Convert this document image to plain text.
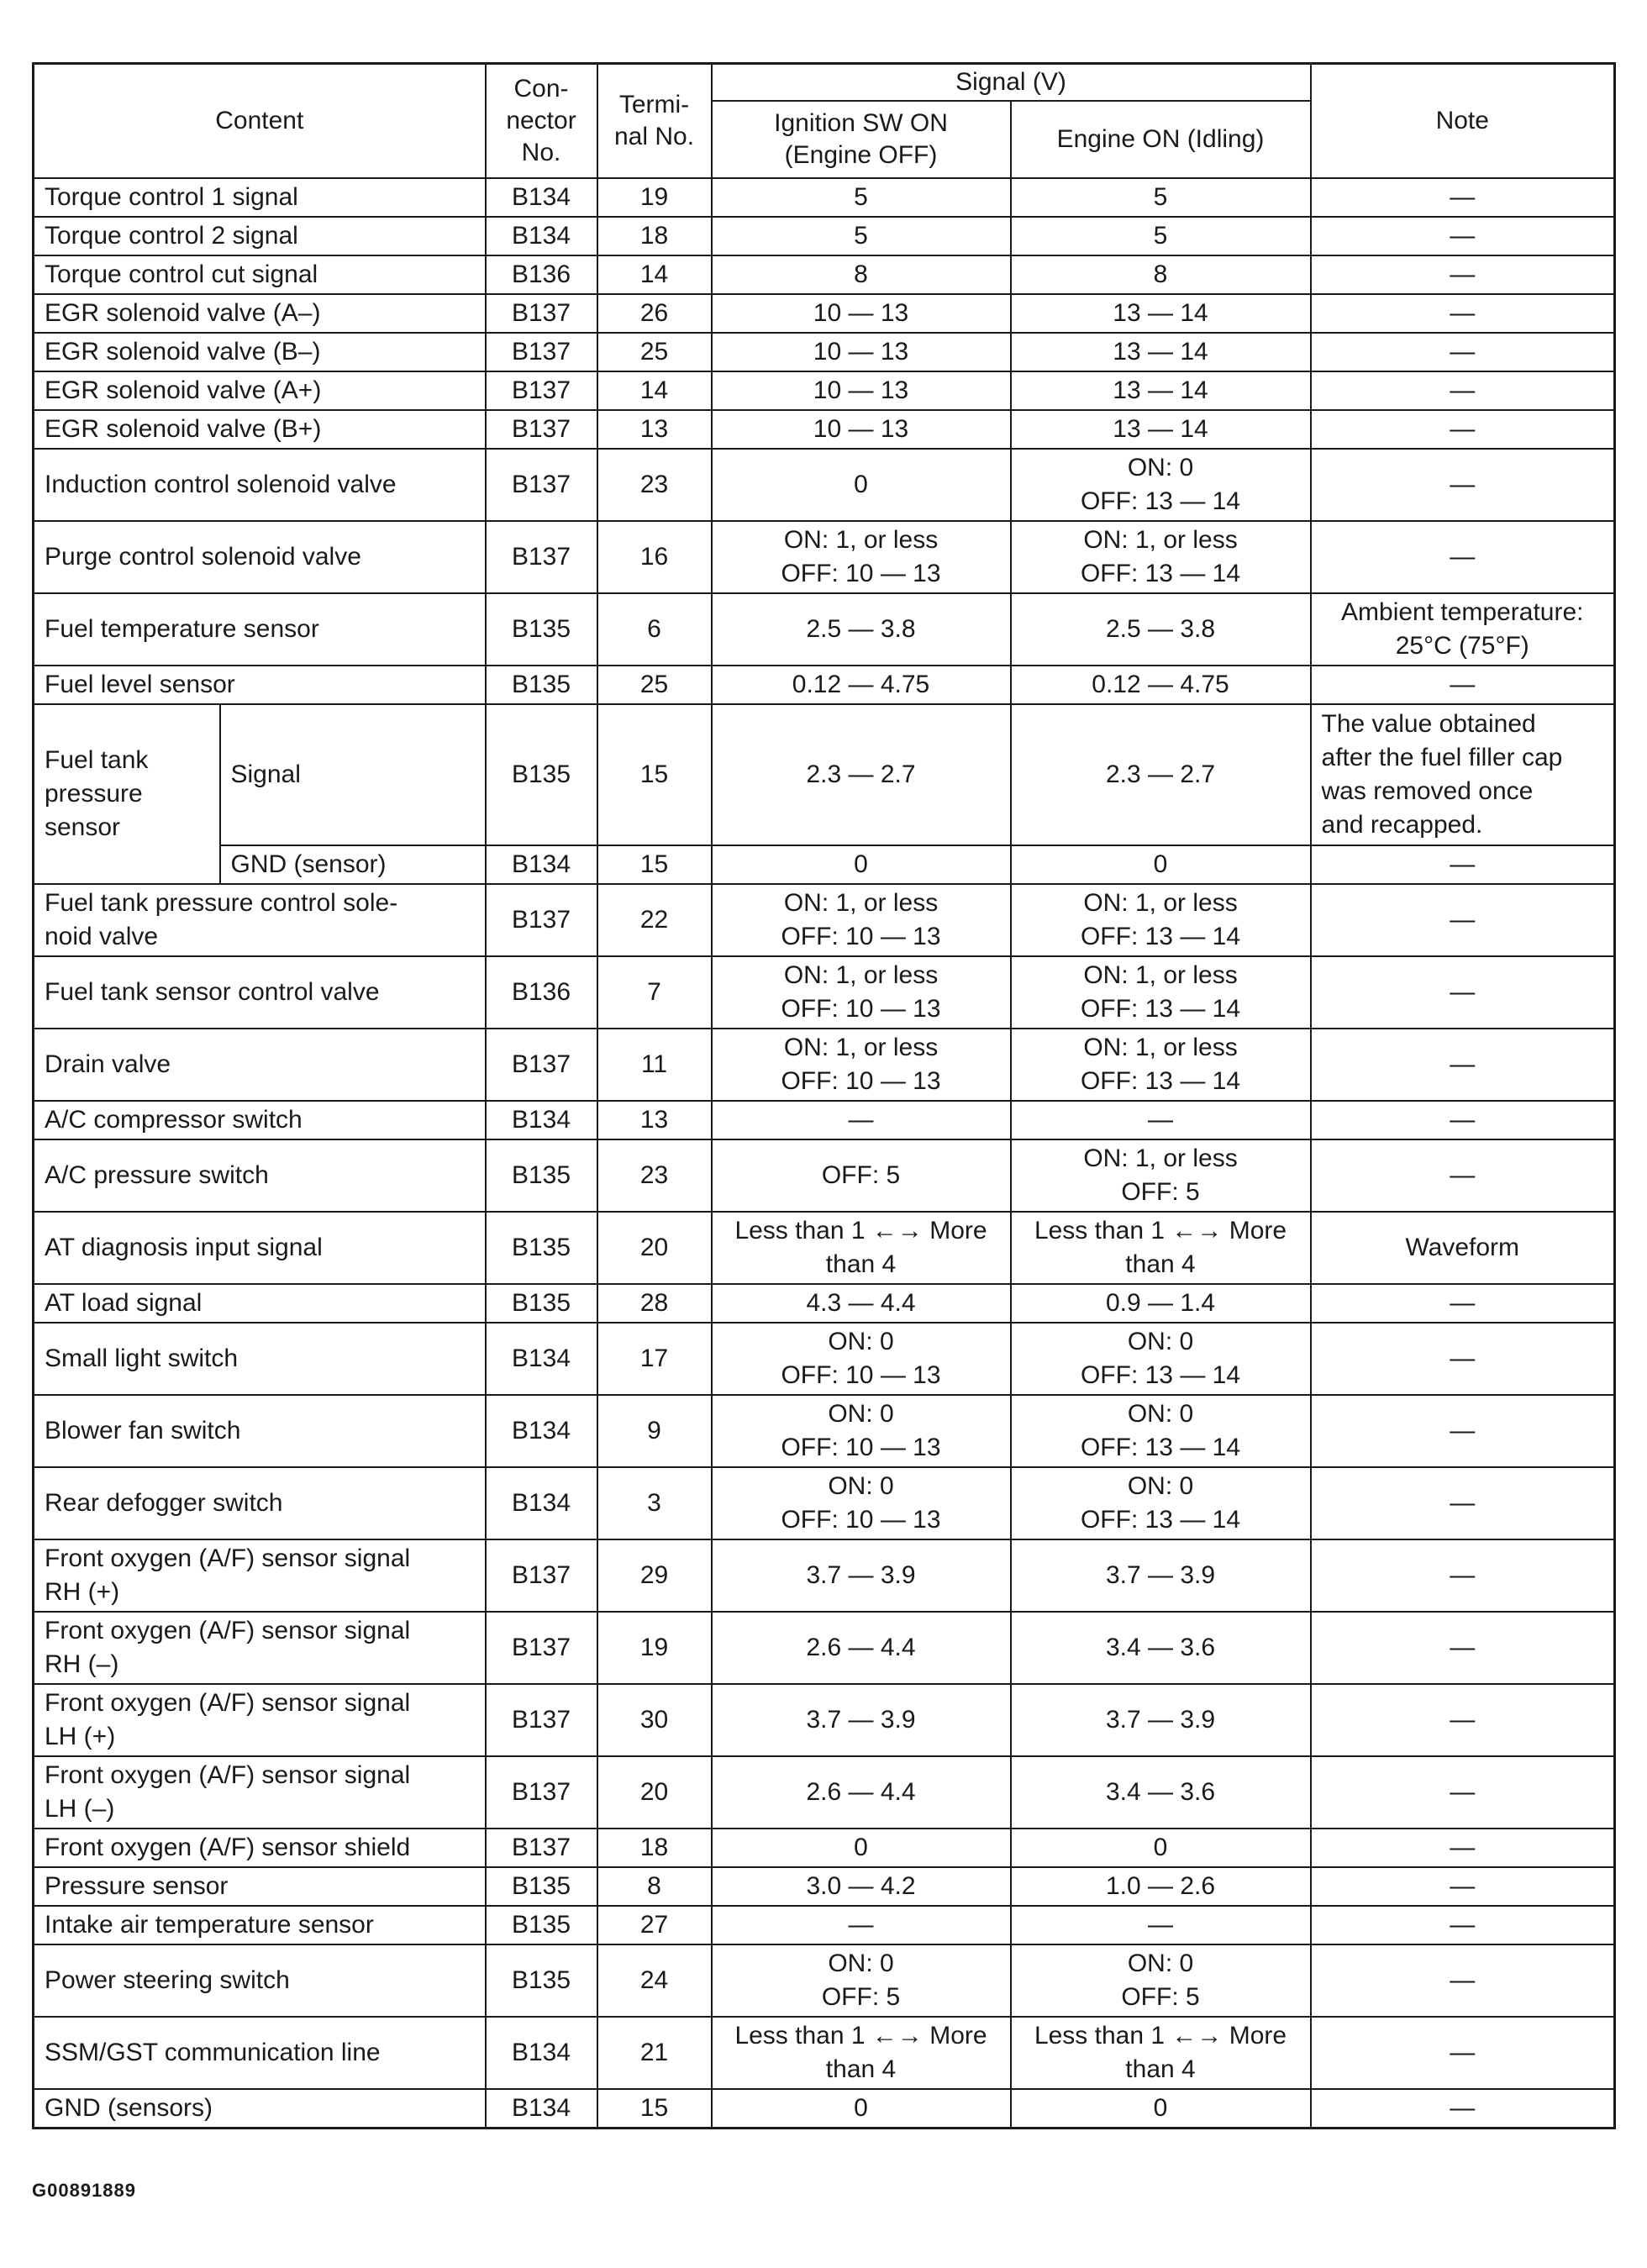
Content		Con-
nector
No.	Termi-
nal No.	Signal (V)		Note
				Ignition SW ON
(Engine OFF)	Engine ON (Idling)	
Torque control 1 signal		B134	19	5	5	—
Torque control 2 signal		B134	18	5	5	—
Torque control cut signal		B136	14	8	8	—
EGR solenoid valve (A–)		B137	26	10 — 13	13 — 14	—
EGR solenoid valve (B–)		B137	25	10 — 13	13 — 14	—
EGR solenoid valve (A+)		B137	14	10 — 13	13 — 14	—
EGR solenoid valve (B+)		B137	13	10 — 13	13 — 14	—
Induction control solenoid valve		B137	23	0	ON: 0
OFF: 13 — 14	—
Purge control solenoid valve		B137	16	ON: 1, or less
OFF: 10 — 13	ON: 1, or less
OFF: 13 — 14	—
Fuel temperature sensor		B135	6	2.5 — 3.8	2.5 — 3.8	Ambient temperature:
25°C (75°F)
Fuel level sensor		B135	25	0.12 — 4.75	0.12 — 4.75	—
Fuel tank
pressure
sensor	Signal	B135	15	2.3 — 2.7	2.3 — 2.7	The value obtained
after the fuel filler cap
was removed once
and recapped.
	GND (sensor)	B134	15	0	0	—
Fuel tank pressure control sole-
noid valve		B137	22	ON: 1, or less
OFF: 10 — 13	ON: 1, or less
OFF: 13 — 14	—
Fuel tank sensor control valve		B136	7	ON: 1, or less
OFF: 10 — 13	ON: 1, or less
OFF: 13 — 14	—
Drain valve		B137	11	ON: 1, or less
OFF: 10 — 13	ON: 1, or less
OFF: 13 — 14	—
A/C compressor switch		B134	13	—	—	—
A/C pressure switch		B135	23	OFF: 5	ON: 1, or less
OFF: 5	—
AT diagnosis input signal		B135	20	Less than 1 ←→ More
than 4	Less than 1 ←→ More
than 4	Waveform
AT load signal		B135	28	4.3 — 4.4	0.9 — 1.4	—
Small light switch		B134	17	ON: 0
OFF: 10 — 13	ON: 0
OFF: 13 — 14	—
Blower fan switch		B134	9	ON: 0
OFF: 10 — 13	ON: 0
OFF: 13 — 14	—
Rear defogger switch		B134	3	ON: 0
OFF: 10 — 13	ON: 0
OFF: 13 — 14	—
Front oxygen (A/F) sensor signal
RH (+)		B137	29	3.7 — 3.9	3.7 — 3.9	—
Front oxygen (A/F) sensor signal
RH (–)		B137	19	2.6 — 4.4	3.4 — 3.6	—
Front oxygen (A/F) sensor signal
LH (+)		B137	30	3.7 — 3.9	3.7 — 3.9	—
Front oxygen (A/F) sensor signal
LH (–)		B137	20	2.6 — 4.4	3.4 — 3.6	—
Front oxygen (A/F) sensor shield		B137	18	0	0	—
Pressure sensor		B135	8	3.0 — 4.2	1.0 — 2.6	—
Intake air temperature sensor		B135	27	—	—	—
Power steering switch		B135	24	ON: 0
OFF: 5	ON: 0
OFF: 5	—
SSM/GST communication line		B134	21	Less than 1 ←→ More
than 4	Less than 1 ←→ More
than 4	—
GND (sensors)		B134	15	0	0	—
G00891889
